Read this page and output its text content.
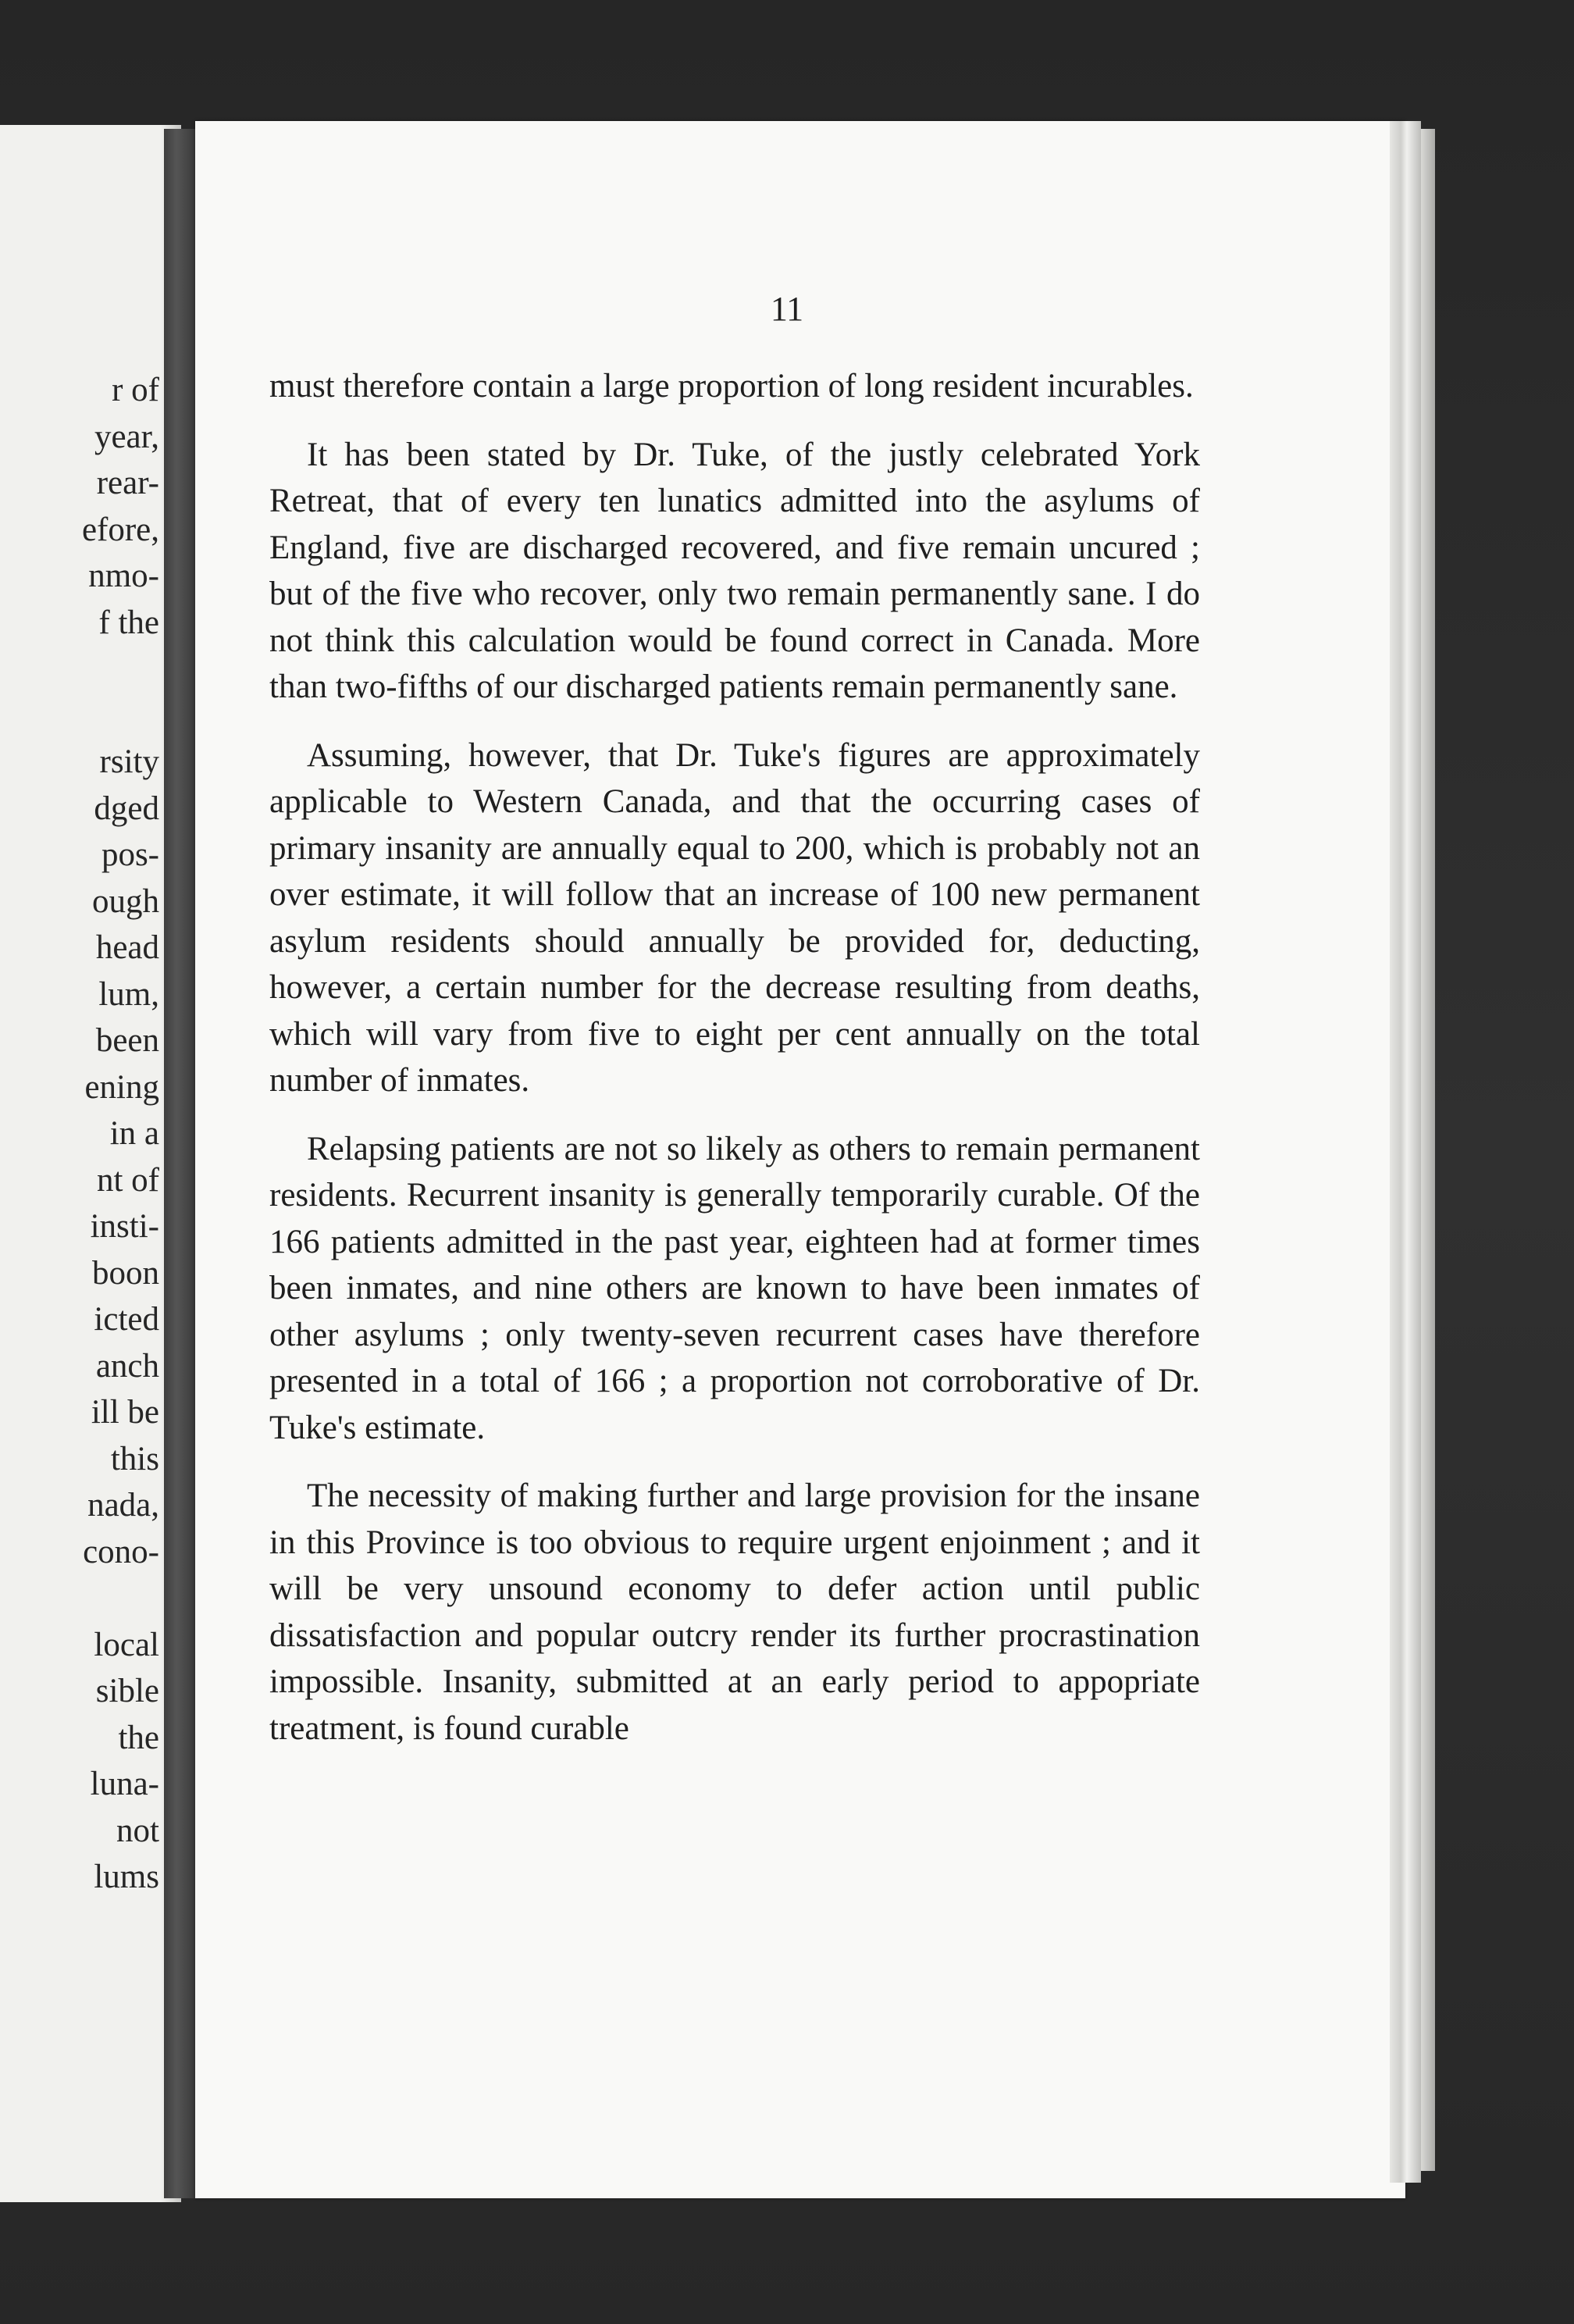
r of
year,
rear-
efore,
nmo-
f the
rsity
dged
pos-
ough
head
lum,
been
ening
in a
nt of
insti-
boon
icted
anch
ill be
this
nada,
cono-
local
sible
the
luna-
not
lums
11

must therefore contain a large proportion of long resident incurables.

It has been stated by Dr. Tuke, of the justly celebrated York Retreat, that of every ten lunatics admitted into the asylums of England, five are discharged recovered, and five remain uncured ; but of the five who recover, only two remain permanently sane. I do not think this calculation would be found correct in Canada. More than two-fifths of our discharged patients remain permanently sane.

Assuming, however, that Dr. Tuke's figures are approximately applicable to Western Canada, and that the occurring cases of primary insanity are annually equal to 200, which is probably not an over estimate, it will follow that an increase of 100 new permanent asylum residents should annually be provided for, deducting, however, a certain number for the decrease resulting from deaths, which will vary from five to eight per cent annually on the total number of inmates.

Relapsing patients are not so likely as others to remain permanent residents. Recurrent insanity is generally temporarily curable. Of the 166 patients admitted in the past year, eighteen had at former times been inmates, and nine others are known to have been inmates of other asylums ; only twenty-seven recurrent cases have therefore presented in a total of 166 ; a proportion not corroborative of Dr. Tuke's estimate.

The necessity of making further and large provision for the insane in this Province is too obvious to require urgent enjoinment ; and it will be very unsound economy to defer action until public dissatisfaction and popular outcry render its further procrastination impossible. Insanity, submitted at an early period to appopriate treatment, is found curable
